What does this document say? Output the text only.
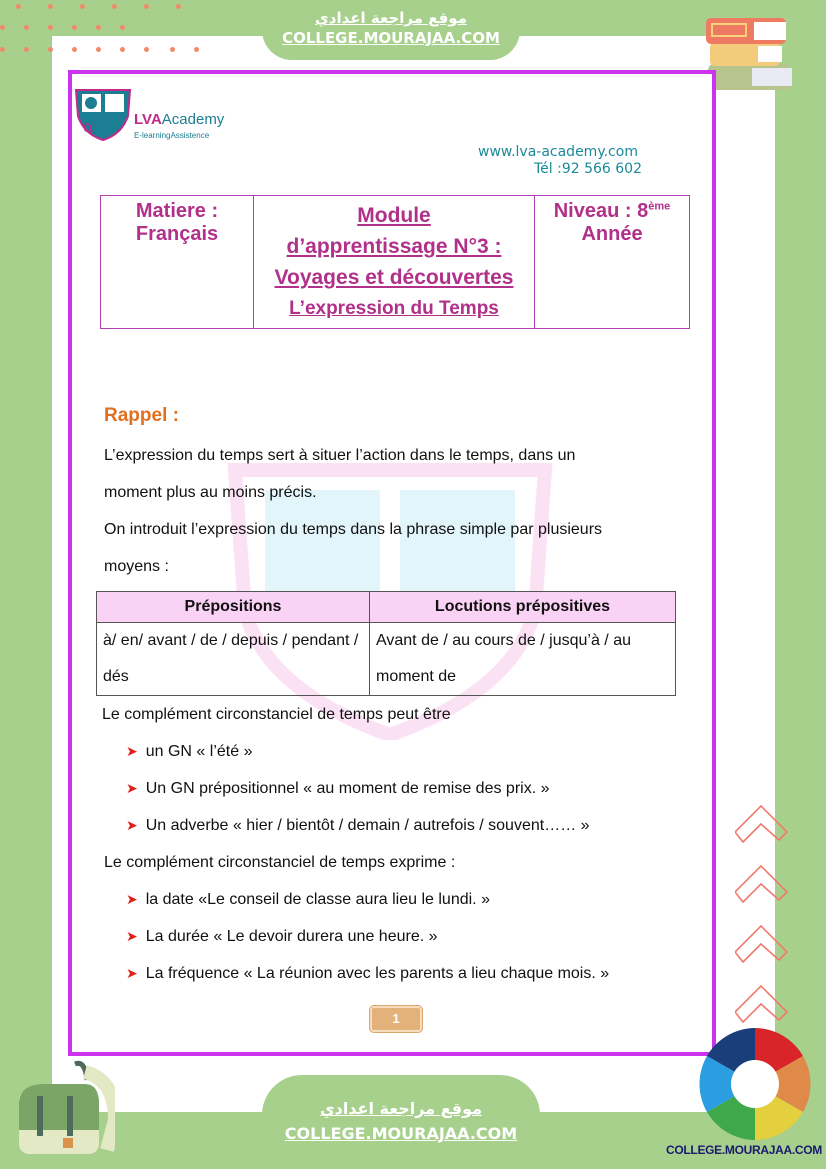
موقع مراجعة اعدادي
COLLEGE.MOURAJAA.COM
α	LVAAcademy
E-learningAssistence
www.lva-academy.com
Tél :92 566 602
Matiere :
Français

Module
d’apprentissage N°3 :
Voyages et découvertes
L’expression du Temps

Niveau : 8ème
Année
Rappel :
L’expression du temps sert à situer l’action dans le temps, dans un
moment plus au moins précis.
On introduit l’expression du temps dans la phrase simple par plusieurs
moyens :
Prépositions	Locutions prépositives
à/ en/ avant / de / depuis / pendant / dés	Avant de / au cours de / jusqu’à / au moment de
Le complément circonstanciel de temps peut être
➤ un GN « l’été »
➤ Un GN prépositionnel « au moment de remise des prix. »
➤ Un adverbe « hier / bientôt / demain / autrefois / souvent…… »
Le complément circonstanciel de temps exprime :
➤ la date «Le conseil de classe aura lieu le lundi. »
➤ La durée « Le devoir durera une heure. »
➤ La fréquence « La réunion avec les parents a lieu chaque mois. »
1
موقع مراجعة اعدادي
COLLEGE.MOURAJAA.COM
COLLEGE.MOURAJAA.COM
